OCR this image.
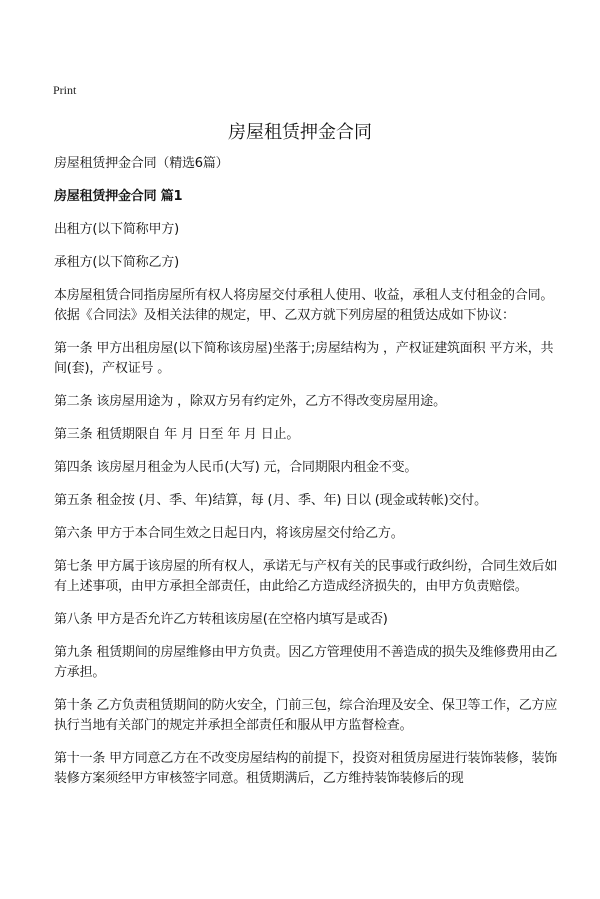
Print
房屋租赁押金合同

房屋租赁押金合同（精选6篇）

房屋租赁押金合同 篇1

出租方(以下简称甲方)

承租方(以下简称乙方)

本房屋租赁合同指房屋所有权人将房屋交付承租人使用、收益，承租人支付租金的合同。依据《合同法》及相关法律的规定，甲、乙双方就下列房屋的租赁达成如下协议：

第一条 甲方出租房屋(以下简称该房屋)坐落于;房屋结构为 ，产权证建筑面积 平方米，共 间(套)，产权证号 。

第二条 该房屋用途为 ，除双方另有约定外，乙方不得改变房屋用途。

第三条 租赁期限自 年 月 日至 年 月 日止。

第四条 该房屋月租金为人民币(大写) 元，合同期限内租金不变。

第五条 租金按 (月、季、年)结算，每 (月、季、年) 日以 (现金或转帐)交付。

第六条 甲方于本合同生效之日起日内，将该房屋交付给乙方。

第七条 甲方属于该房屋的所有权人，承诺无与产权有关的民事或行政纠纷，合同生效后如有上述事项，由甲方承担全部责任，由此给乙方造成经济损失的，由甲方负责赔偿。

第八条 甲方是否允许乙方转租该房屋(在空格内填写是或否)

第九条 租赁期间的房屋维修由甲方负责。因乙方管理使用不善造成的损失及维修费用由乙方承担。

第十条 乙方负责租赁期间的防火安全，门前三包，综合治理及安全、保卫等工作，乙方应执行当地有关部门的规定并承担全部责任和服从甲方监督检查。

第十一条 甲方同意乙方在不改变房屋结构的前提下，投资对租赁房屋进行装饰装修，装饰装修方案须经甲方审核签字同意。租赁期满后，乙方维持装饰装修后的现
